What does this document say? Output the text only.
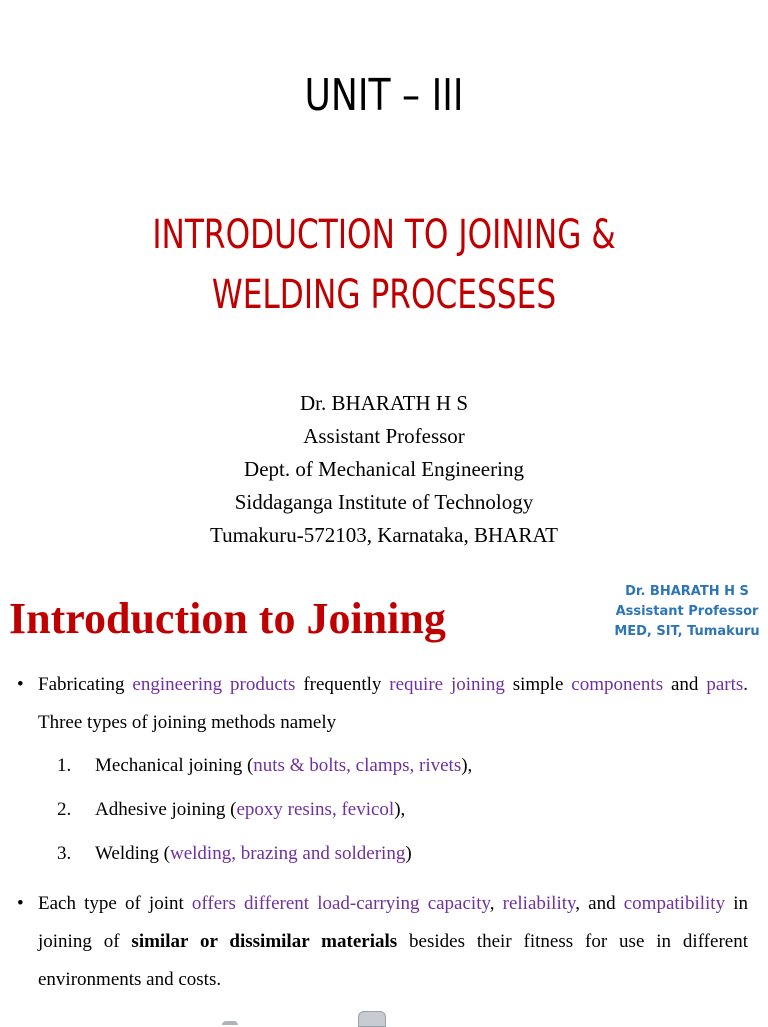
UNIT – III
INTRODUCTION TO JOINING &
WELDING PROCESSES
Dr. BHARATH H S
Assistant Professor
Dept. of Mechanical Engineering
Siddaganga Institute of Technology
Tumakuru-572103, Karnataka, BHARAT
Introduction to Joining
Dr. BHARATH H S
Assistant Professor
MED, SIT, Tumakuru
• Fabricating engineering products frequently require joining simple components and parts. Three types of joining methods namely
1. Mechanical joining (nuts & bolts, clamps, rivets),
2. Adhesive joining (epoxy resins, fevicol),
3. Welding (welding, brazing and soldering)
• Each type of joint offers different load-carrying capacity, reliability, and compatibility in joining of similar or dissimilar materials besides their fitness for use in different environments and costs.
